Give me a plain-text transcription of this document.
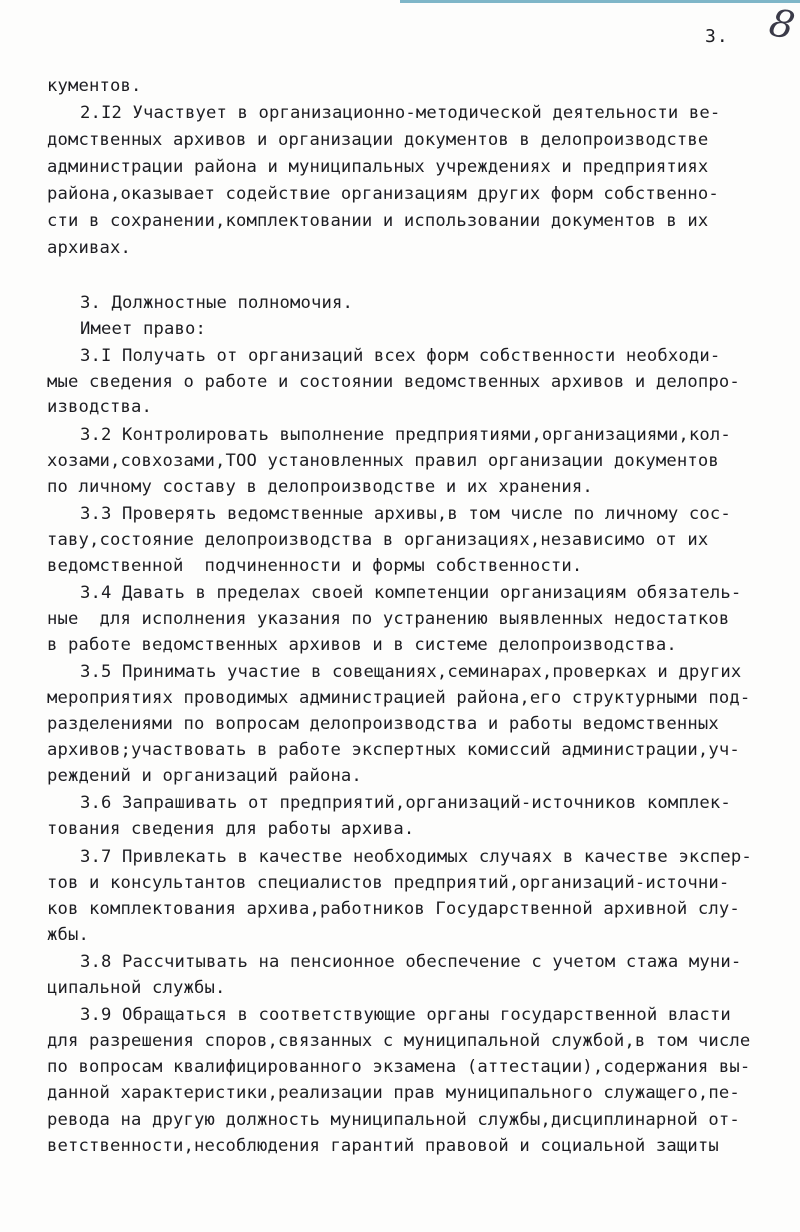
3. 8
кументов.
2.I2 Участвует в организационно-методической деятельности ве-
домственных архивов и организации документов в делопроизводстве
администрации района и муниципальных учреждениях и предприятиях
района,оказывает содействие организациям других форм собственно-
сти в сохранении,комплектовании и использовании документов в их
архивах.
3. Должностные полномочия.
Имеет право:
3.I Получать от организаций всех форм собственности необходи-
мые сведения о работе и состоянии ведомственных архивов и делопро-
изводства.
3.2 Контролировать выполнение предприятиями,организациями,кол-
хозами,совхозами,ТОО установленных правил организации документов
по личному составу в делопроизводстве и их хранения.
3.3 Проверять ведомственные архивы,в том числе по личному сос-
таву,состояние делопроизводства в организациях,независимо от их
ведомственной  подчиненности и формы собственности.
3.4 Давать в пределах своей компетенции организациям обязатель-
ные  для исполнения указания по устранению выявленных недостатков
в работе ведомственных архивов и в системе делопроизводства.
3.5 Принимать участие в совещаниях,семинарах,проверках и других
мероприятиях проводимых администрацией района,его структурными под-
разделениями по вопросам делопроизводства и работы ведомственных
архивов;участвовать в работе экспертных комиссий администрации,уч-
реждений и организаций района.
3.6 Запрашивать от предприятий,организаций-источников комплек-
тования сведения для работы архива.
3.7 Привлекать в качестве необходимых случаях в качестве экспер-
тов и консультантов специалистов предприятий,организаций-источни-
ков комплектования архива,работников Государственной архивной слу-
жбы.
3.8 Рассчитывать на пенсионное обеспечение с учетом стажа муни-
ципальной службы.
3.9 Обращаться в соответствующие органы государственной власти
для разрешения споров,связанных с муниципальной службой,в том числе
по вопросам квалифицированного экзамена (аттестации),содержания вы-
данной характеристики,реализации прав муниципального служащего,пе-
ревода на другую должность муниципальной службы,дисциплинарной от-
ветственности,несоблюдения гарантий правовой и социальной защиты
